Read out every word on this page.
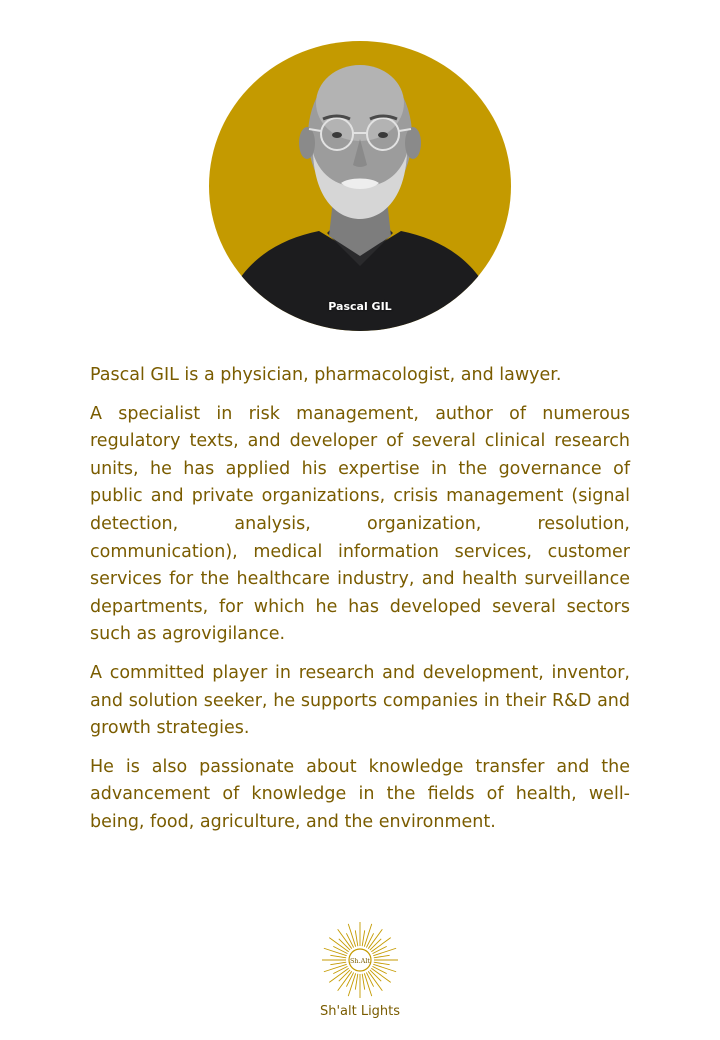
Pascal GIL

Pascal GIL is a physician, pharmacologist, and lawyer.

A specialist in risk management, author of numerous regulatory texts, and developer of several clinical research units, he has applied his expertise in the governance of public and private organizations, crisis management (signal detection, analysis, organization, resolution, communication), medical information services, customer services for the healthcare industry, and health surveillance departments, for which he has developed several sectors such as agrovigilance.

A committed player in research and development, inventor, and solution seeker, he supports companies in their R&D and growth strategies.

He is also passionate about knowledge transfer and the advancement of knowledge in the fields of health, well-being, food, agriculture, and the environment.

Sh.Alt
Sh'alt Lights
